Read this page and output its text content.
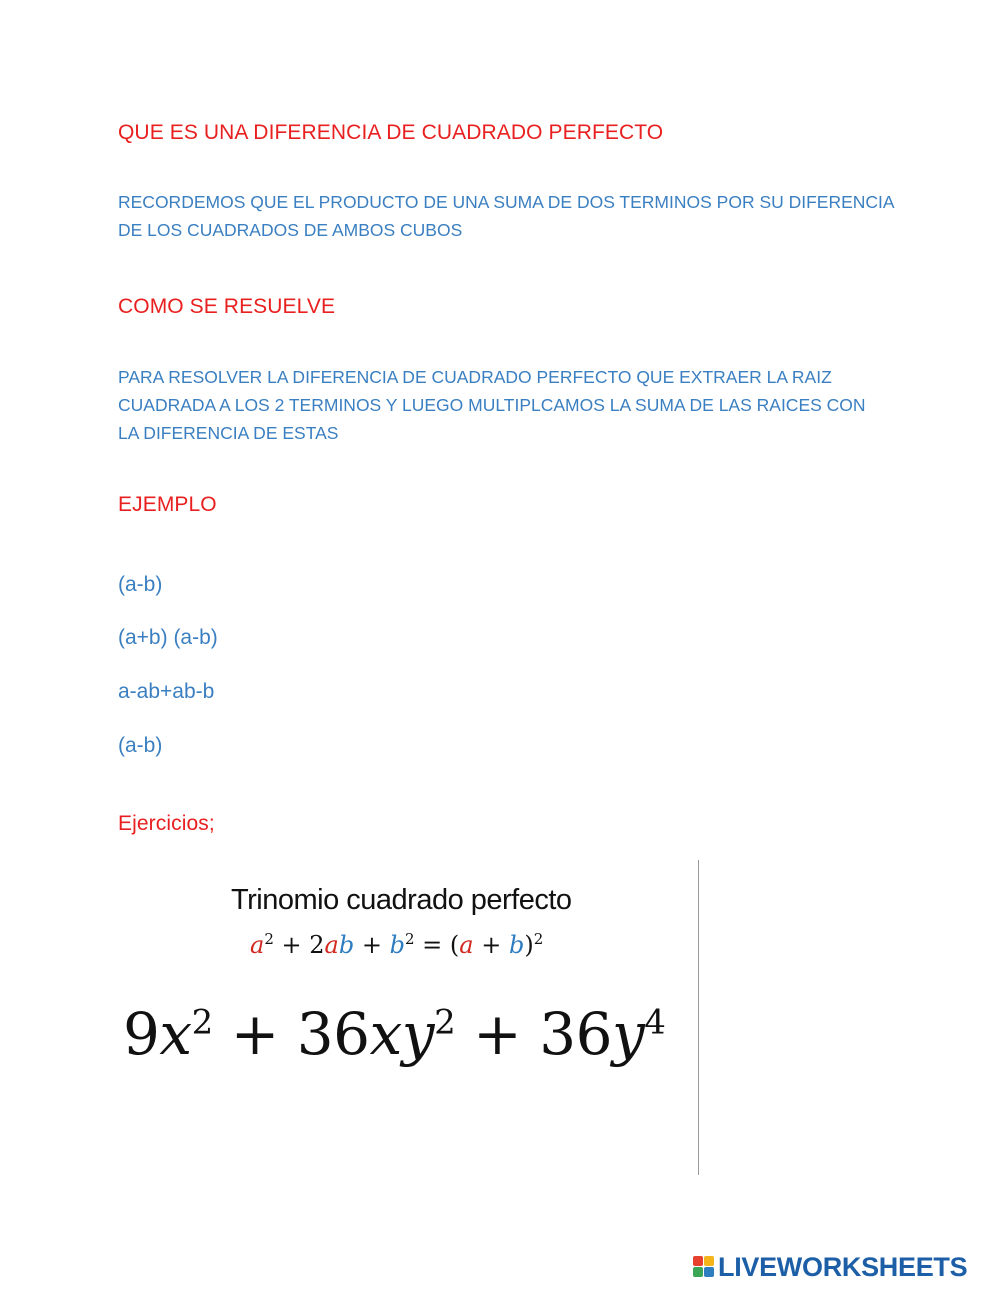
QUE ES UNA DIFERENCIA DE CUADRADO PERFECTO
RECORDEMOS QUE EL PRODUCTO DE UNA SUMA DE DOS TERMINOS POR SU DIFERENCIA
DE LOS CUADRADOS DE AMBOS CUBOS
COMO SE RESUELVE
PARA RESOLVER LA DIFERENCIA DE CUADRADO PERFECTO QUE EXTRAER LA RAIZ
CUADRADA A LOS 2 TERMINOS Y LUEGO MULTIPLCAMOS LA SUMA DE LAS RAICES CON
LA DIFERENCIA DE ESTAS
EJEMPLO
(a-b)
(a+b) (a-b)
a-ab+ab-b
(a-b)
Ejercicios;

Trinomio cuadrado perfecto

$a^2 + 2ab + b^2 = (a + b)^2$

$9x^2 + 36xy^2 + 36y^4$

LIVEWORKSHEETS
